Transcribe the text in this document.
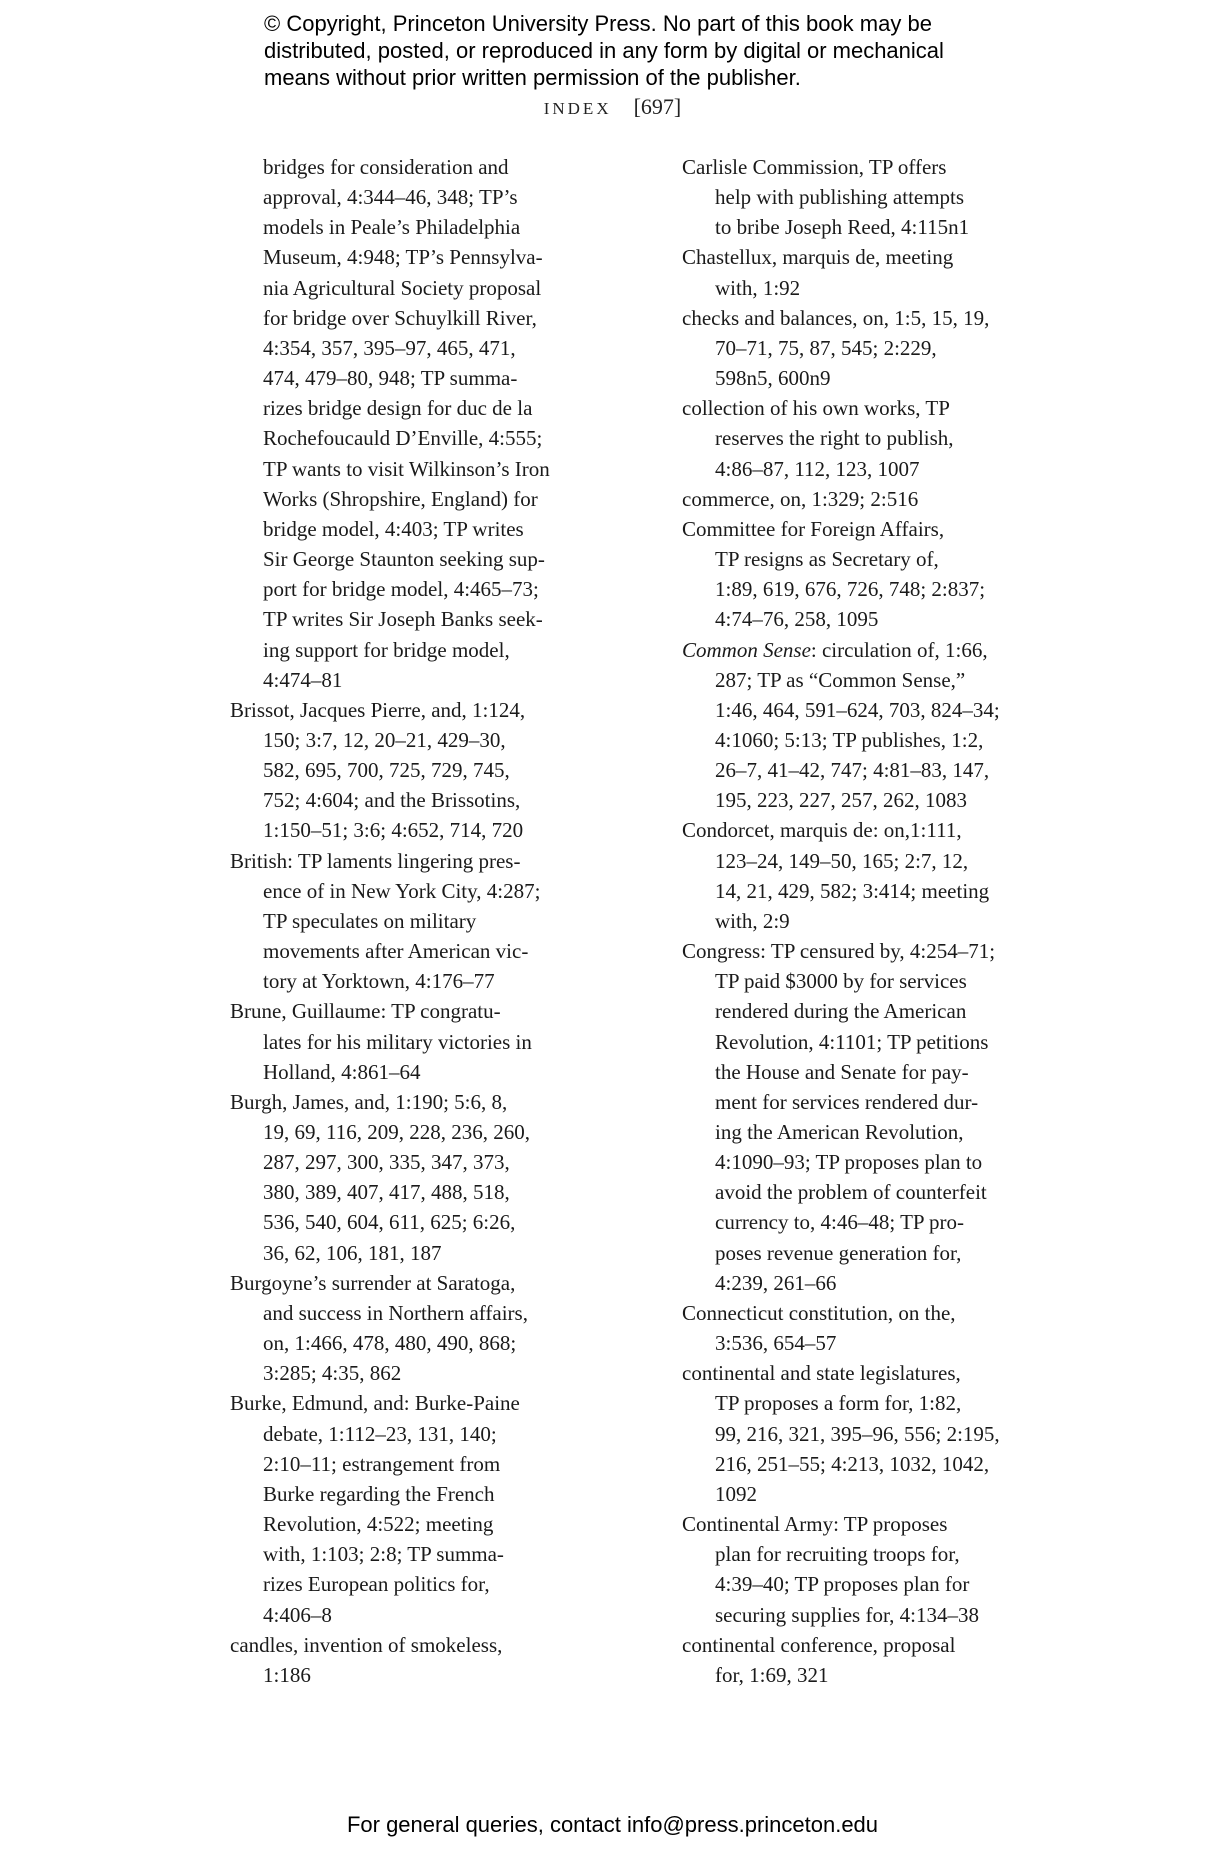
© Copyright, Princeton University Press. No part of this book may be
distributed, posted, or reproduced in any form by digital or mechanical
means without prior written permission of the publisher.
INDEX [697]
bridges for consideration and
approval, 4:344–46, 348; TP’s
models in Peale’s Philadelphia
Museum, 4:948; TP’s Pennsylva-
nia Agricultural Society proposal
for bridge over Schuylkill River,
4:354, 357, 395–97, 465, 471,
474, 479–80, 948; TP summa-
rizes bridge design for duc de la
Rochefoucauld D’Enville, 4:555;
TP wants to visit Wilkinson’s Iron
Works (Shropshire, England) for
bridge model, 4:403; TP writes
Sir George Staunton seeking sup-
port for bridge model, 4:465–73;
TP writes Sir Joseph Banks seek-
ing support for bridge model,
4:474–81
Brissot, Jacques Pierre, and, 1:124,
150; 3:7, 12, 20–21, 429–30,
582, 695, 700, 725, 729, 745,
752; 4:604; and the Brissotins,
1:150–51; 3:6; 4:652, 714, 720
British: TP laments lingering pres-
ence of in New York City, 4:287;
TP speculates on military
movements after American vic-
tory at Yorktown, 4:176–77
Brune, Guillaume: TP congratu-
lates for his military victories in
Holland, 4:861–64
Burgh, James, and, 1:190; 5:6, 8,
19, 69, 116, 209, 228, 236, 260,
287, 297, 300, 335, 347, 373,
380, 389, 407, 417, 488, 518,
536, 540, 604, 611, 625; 6:26,
36, 62, 106, 181, 187
Burgoyne’s surrender at Saratoga,
and success in Northern affairs,
on, 1:466, 478, 480, 490, 868;
3:285; 4:35, 862
Burke, Edmund, and: Burke-Paine
debate, 1:112–23, 131, 140;
2:10–11; estrangement from
Burke regarding the French
Revolution, 4:522; meeting
with, 1:103; 2:8; TP summa-
rizes European politics for,
4:406–8
candles, invention of smokeless,
1:186
Carlisle Commission, TP offers
help with publishing attempts
to bribe Joseph Reed, 4:115n1
Chastellux, marquis de, meeting
with, 1:92
checks and balances, on, 1:5, 15, 19,
70–71, 75, 87, 545; 2:229,
598n5, 600n9
collection of his own works, TP
reserves the right to publish,
4:86–87, 112, 123, 1007
commerce, on, 1:329; 2:516
Committee for Foreign Affairs,
TP resigns as Secretary of,
1:89, 619, 676, 726, 748; 2:837;
4:74–76, 258, 1095
Common Sense: circulation of, 1:66,
287; TP as “Common Sense,”
1:46, 464, 591–624, 703, 824–34;
4:1060; 5:13; TP publishes, 1:2,
26–7, 41–42, 747; 4:81–83, 147,
195, 223, 227, 257, 262, 1083
Condorcet, marquis de: on,1:111,
123–24, 149–50, 165; 2:7, 12,
14, 21, 429, 582; 3:414; meeting
with, 2:9
Congress: TP censured by, 4:254–71;
TP paid $3000 by for services
rendered during the American
Revolution, 4:1101; TP petitions
the House and Senate for pay-
ment for services rendered dur-
ing the American Revolution,
4:1090–93; TP proposes plan to
avoid the problem of counterfeit
currency to, 4:46–48; TP pro-
poses revenue generation for,
4:239, 261–66
Connecticut constitution, on the,
3:536, 654–57
continental and state legislatures,
TP proposes a form for, 1:82,
99, 216, 321, 395–96, 556; 2:195,
216, 251–55; 4:213, 1032, 1042,
1092
Continental Army: TP proposes
plan for recruiting troops for,
4:39–40; TP proposes plan for
securing supplies for, 4:134–38
continental conference, proposal
for, 1:69, 321
For general queries, contact info@press.princeton.edu
